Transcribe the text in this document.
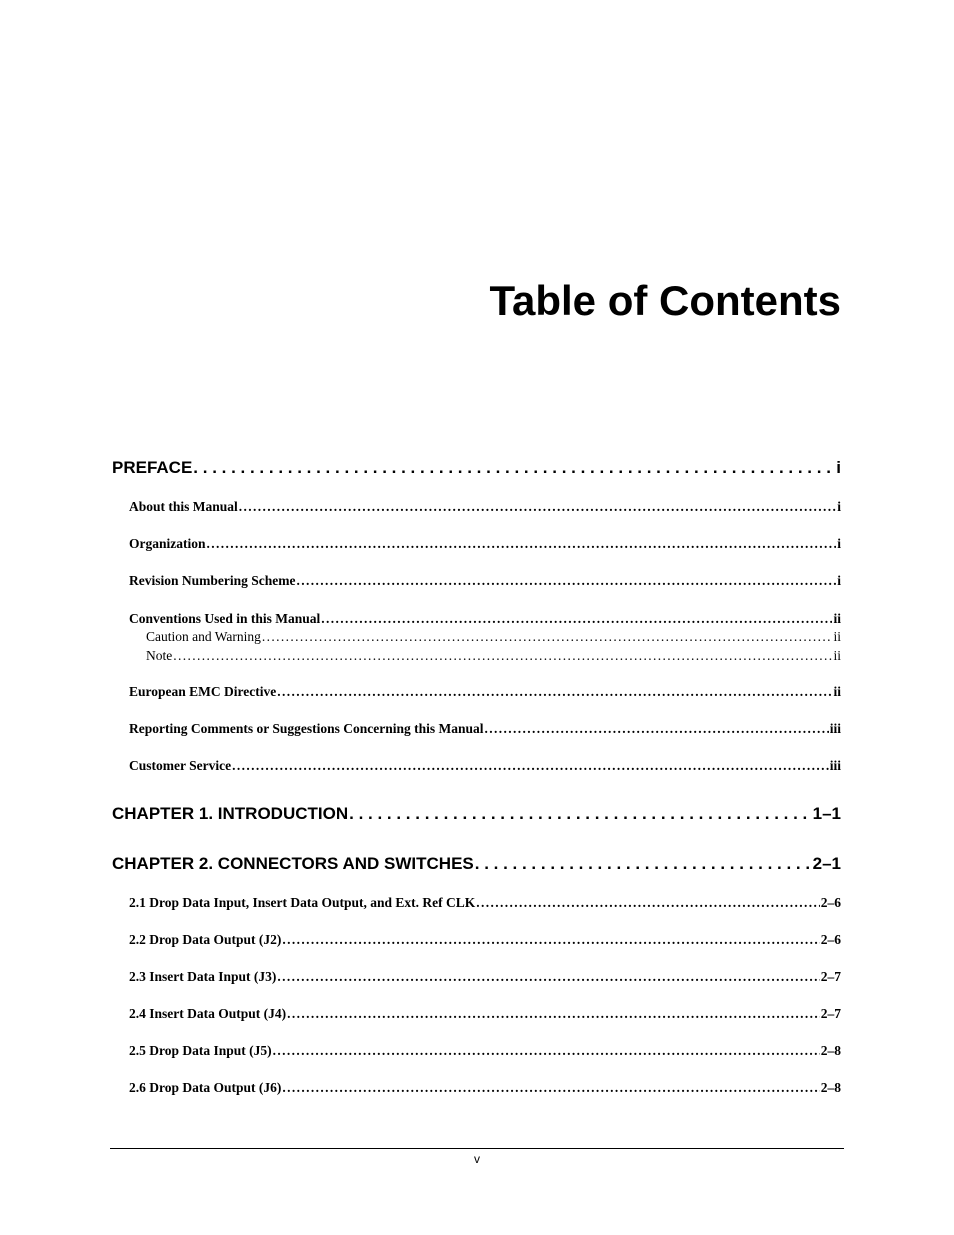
Table of Contents
PREFACE . . .	i
About this Manual . . .	i
Organization . . .	i
Revision Numbering Scheme . . .	i
Conventions Used in this Manual . . .	ii
Caution and Warning . . .	ii
Note . . .	ii
European EMC Directive . . .	ii
Reporting Comments or Suggestions Concerning this Manual . . .	iii
Customer Service . . .	iii
CHAPTER 1. INTRODUCTION . . .	1–1
CHAPTER 2. CONNECTORS AND SWITCHES . . .	2–1
2.1 Drop Data Input, Insert Data Output, and Ext. Ref CLK . . .	2–6
2.2 Drop Data Output (J2) . . .	2–6
2.3 Insert Data Input (J3) . . .	2–7
2.4 Insert Data Output (J4) . . .	2–7
2.5 Drop Data Input (J5) . . .	2–8
2.6 Drop Data Output (J6) . . .	2–8
v
